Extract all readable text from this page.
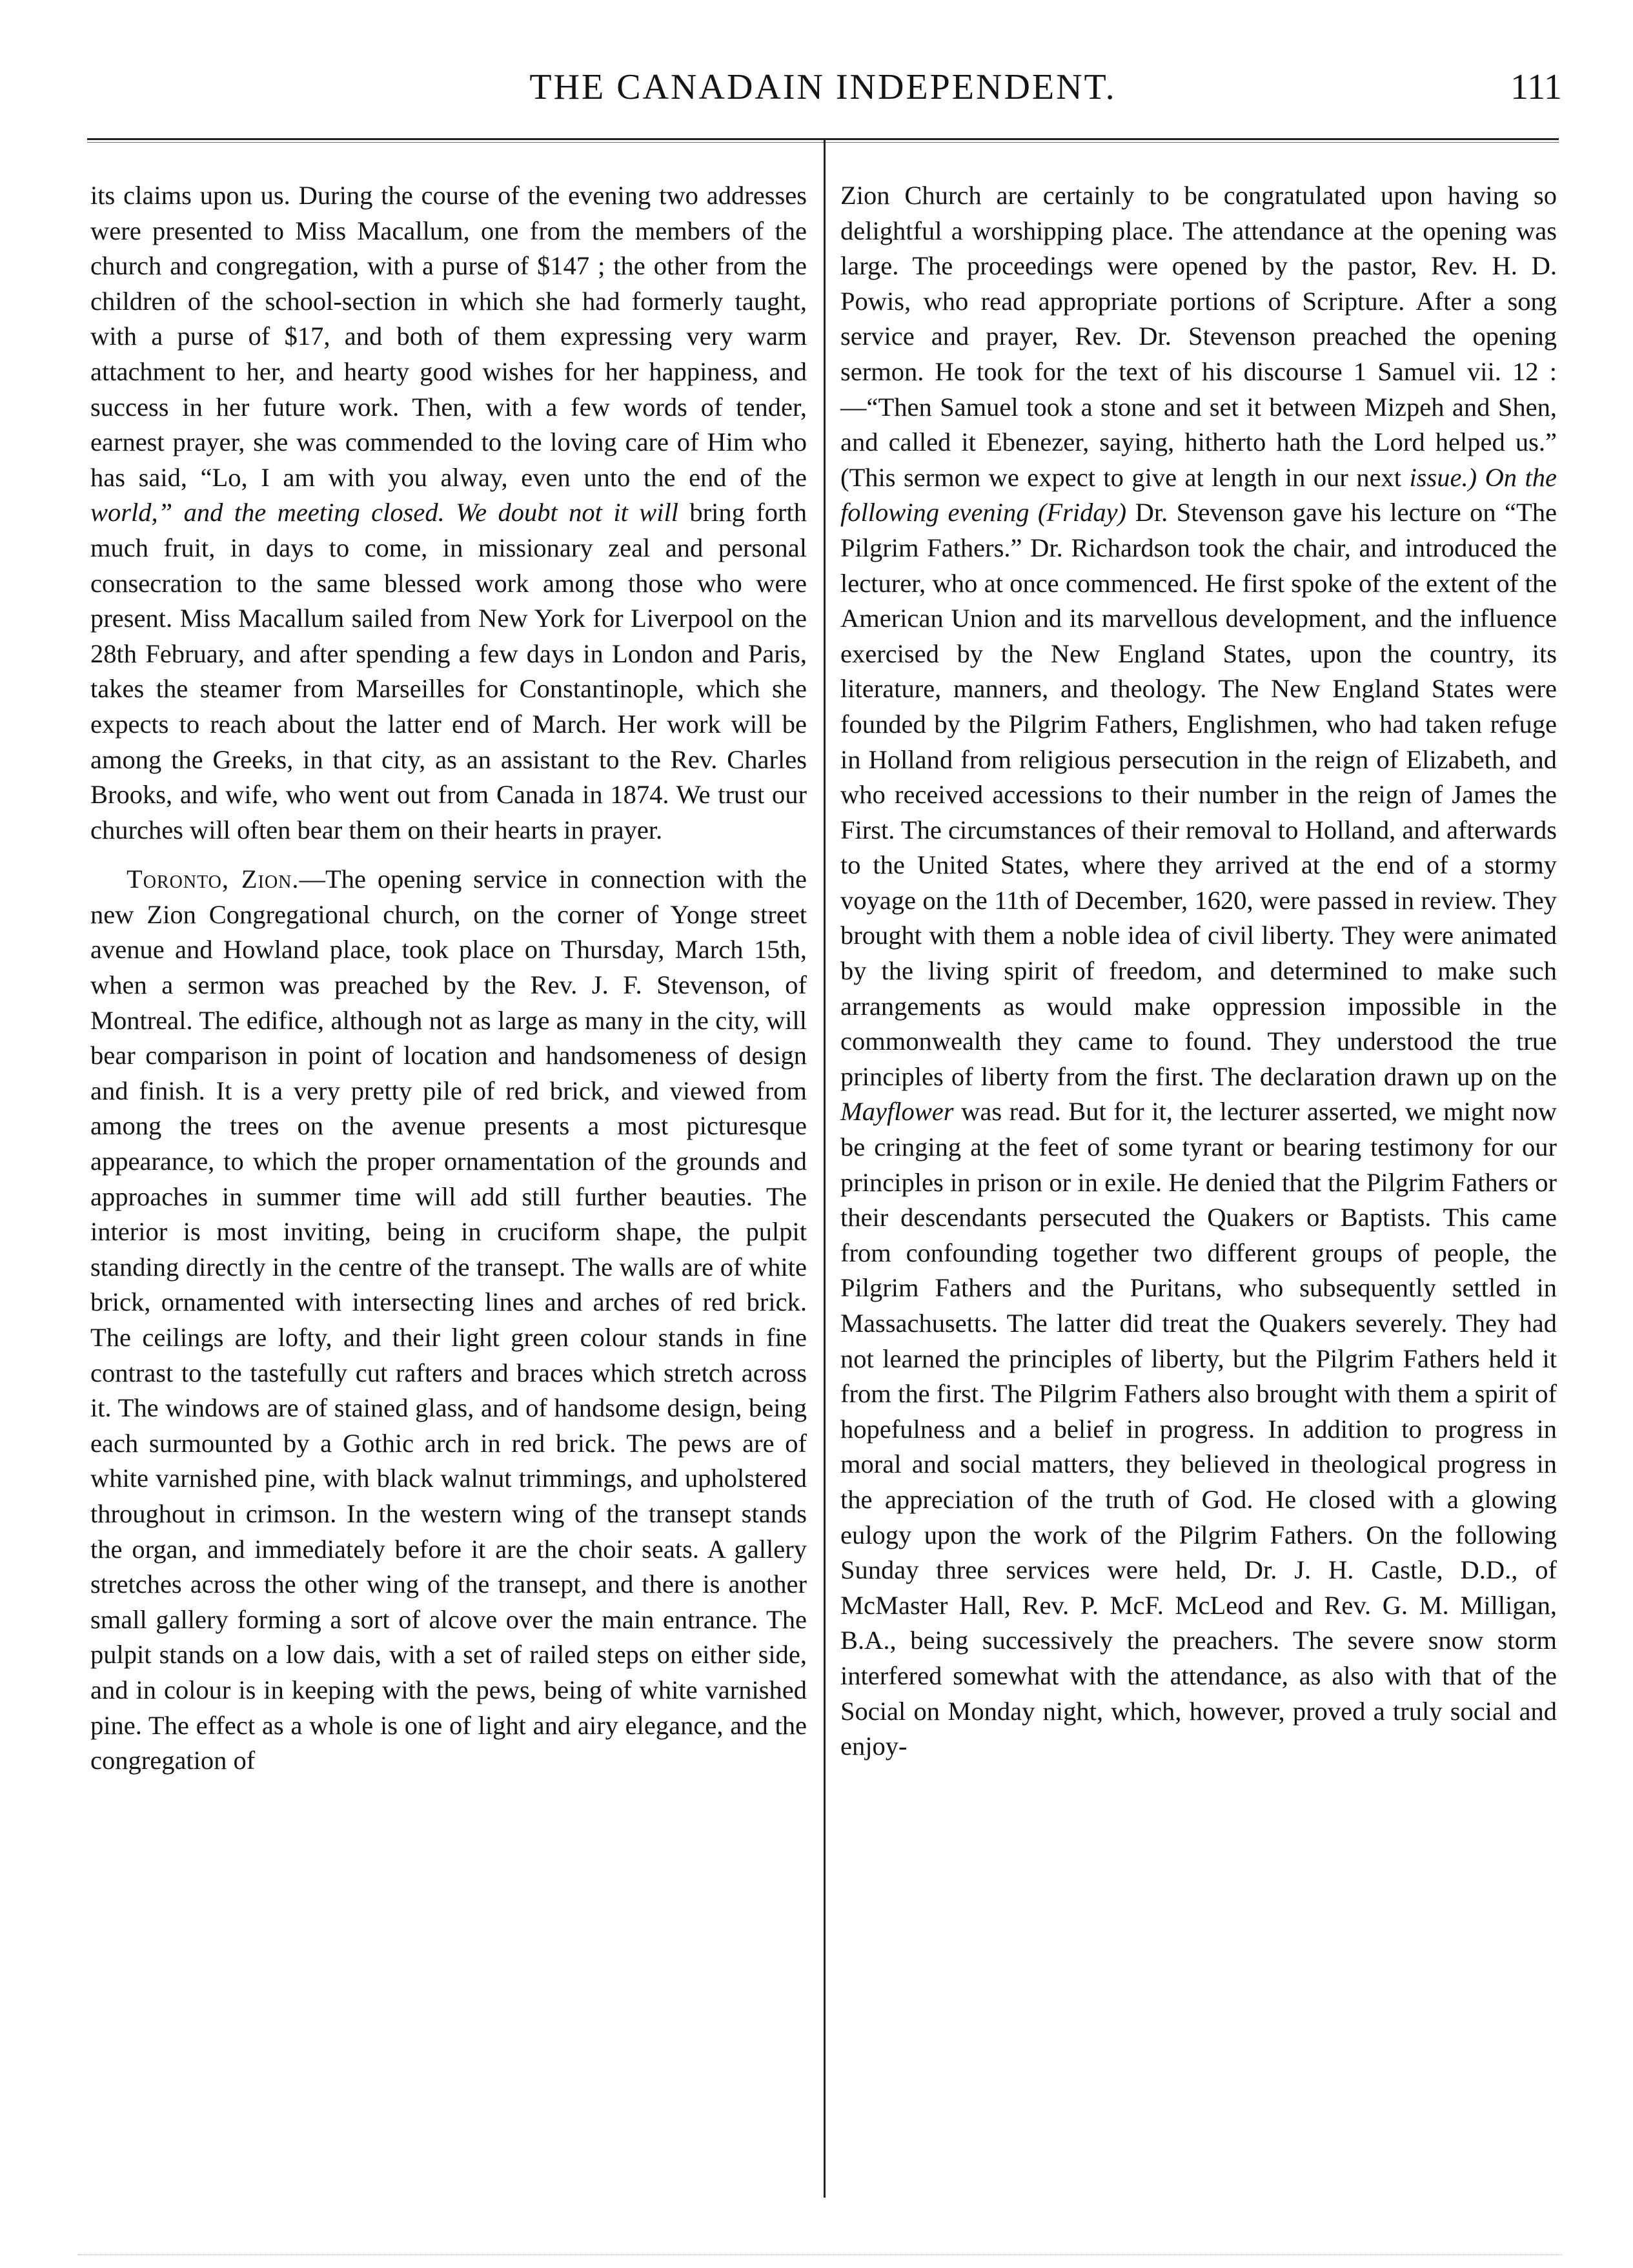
THE CANADAIN INDEPENDENT.	111

its claims upon us. During the course of the evening two addresses were presented to Miss Macallum, one from the members of the church and congregation, with a purse of $147 ; the other from the children of the school-section in which she had formerly taught, with a purse of $17, and both of them expressing very warm attachment to her, and hearty good wishes for her happiness, and success in her future work. Then, with a few words of tender, earnest prayer, she was commended to the loving care of Him who has said, “Lo, I am with you alway, even unto the end of the world,” and the meeting closed. We doubt not it will bring forth much fruit, in days to come, in missionary zeal and personal consecration to the same blessed work among those who were present. Miss Macallum sailed from New York for Liverpool on the 28th February, and after spending a few days in London and Paris, takes the steamer from Marseilles for Constantinople, which she expects to reach about the latter end of March. Her work will be among the Greeks, in that city, as an assistant to the Rev. Charles Brooks, and wife, who went out from Canada in 1874. We trust our churches will often bear them on their hearts in prayer.

Toronto, Zion.—The opening service in connection with the new Zion Congregational church, on the corner of Yonge street avenue and Howland place, took place on Thursday, March 15th, when a sermon was preached by the Rev. J. F. Stevenson, of Montreal. The edifice, although not as large as many in the city, will bear comparison in point of location and handsomeness of design and finish. It is a very pretty pile of red brick, and viewed from among the trees on the avenue presents a most picturesque appearance, to which the proper ornamentation of the grounds and approaches in summer time will add still further beauties. The interior is most inviting, being in cruciform shape, the pulpit standing directly in the centre of the transept. The walls are of white brick, ornamented with intersecting lines and arches of red brick. The ceilings are lofty, and their light green colour stands in fine contrast to the tastefully cut rafters and braces which stretch across it. The windows are of stained glass, and of handsome design, being each surmounted by a Gothic arch in red brick. The pews are of white varnished pine, with black walnut trimmings, and upholstered throughout in crimson. In the western wing of the transept stands the organ, and immediately before it are the choir seats. A gallery stretches across the other wing of the transept, and there is another small gallery forming a sort of alcove over the main entrance. The pulpit stands on a low dais, with a set of railed steps on either side, and in colour is in keeping with the pews, being of white varnished pine. The effect as a whole is one of light and airy elegance, and the congregation of

Zion Church are certainly to be congratulated upon having so delightful a worshipping place. The attendance at the opening was large. The proceedings were opened by the pastor, Rev. H. D. Powis, who read appropriate portions of Scripture. After a song service and prayer, Rev. Dr. Stevenson preached the opening sermon. He took for the text of his discourse 1 Samuel vii. 12 :—“Then Samuel took a stone and set it between Mizpeh and Shen, and called it Ebenezer, saying, hitherto hath the Lord helped us.” (This sermon we expect to give at length in our next issue.) On the following evening (Friday) Dr. Stevenson gave his lecture on “The Pilgrim Fathers.” Dr. Richardson took the chair, and introduced the lecturer, who at once commenced. He first spoke of the extent of the American Union and its marvellous development, and the influence exercised by the New England States, upon the country, its literature, manners, and theology. The New England States were founded by the Pilgrim Fathers, Englishmen, who had taken refuge in Holland from religious persecution in the reign of Elizabeth, and who received accessions to their number in the reign of James the First. The circumstances of their removal to Holland, and afterwards to the United States, where they arrived at the end of a stormy voyage on the 11th of December, 1620, were passed in review. They brought with them a noble idea of civil liberty. They were animated by the living spirit of freedom, and determined to make such arrangements as would make oppression impossible in the commonwealth they came to found. They understood the true principles of liberty from the first. The declaration drawn up on the Mayflower was read. But for it, the lecturer asserted, we might now be cringing at the feet of some tyrant or bearing testimony for our principles in prison or in exile. He denied that the Pilgrim Fathers or their descendants persecuted the Quakers or Baptists. This came from confounding together two different groups of people, the Pilgrim Fathers and the Puritans, who subsequently settled in Massachusetts. The latter did treat the Quakers severely. They had not learned the principles of liberty, but the Pilgrim Fathers held it from the first. The Pilgrim Fathers also brought with them a spirit of hopefulness and a belief in progress. In addition to progress in moral and social matters, they believed in theological progress in the appreciation of the truth of God. He closed with a glowing eulogy upon the work of the Pilgrim Fathers. On the following Sunday three services were held, Dr. J. H. Castle, D.D., of McMaster Hall, Rev. P. McF. McLeod and Rev. G. M. Milligan, B.A., being successively the preachers. The severe snow storm interfered somewhat with the attendance, as also with that of the Social on Monday night, which, however, proved a truly social and enjoy-
